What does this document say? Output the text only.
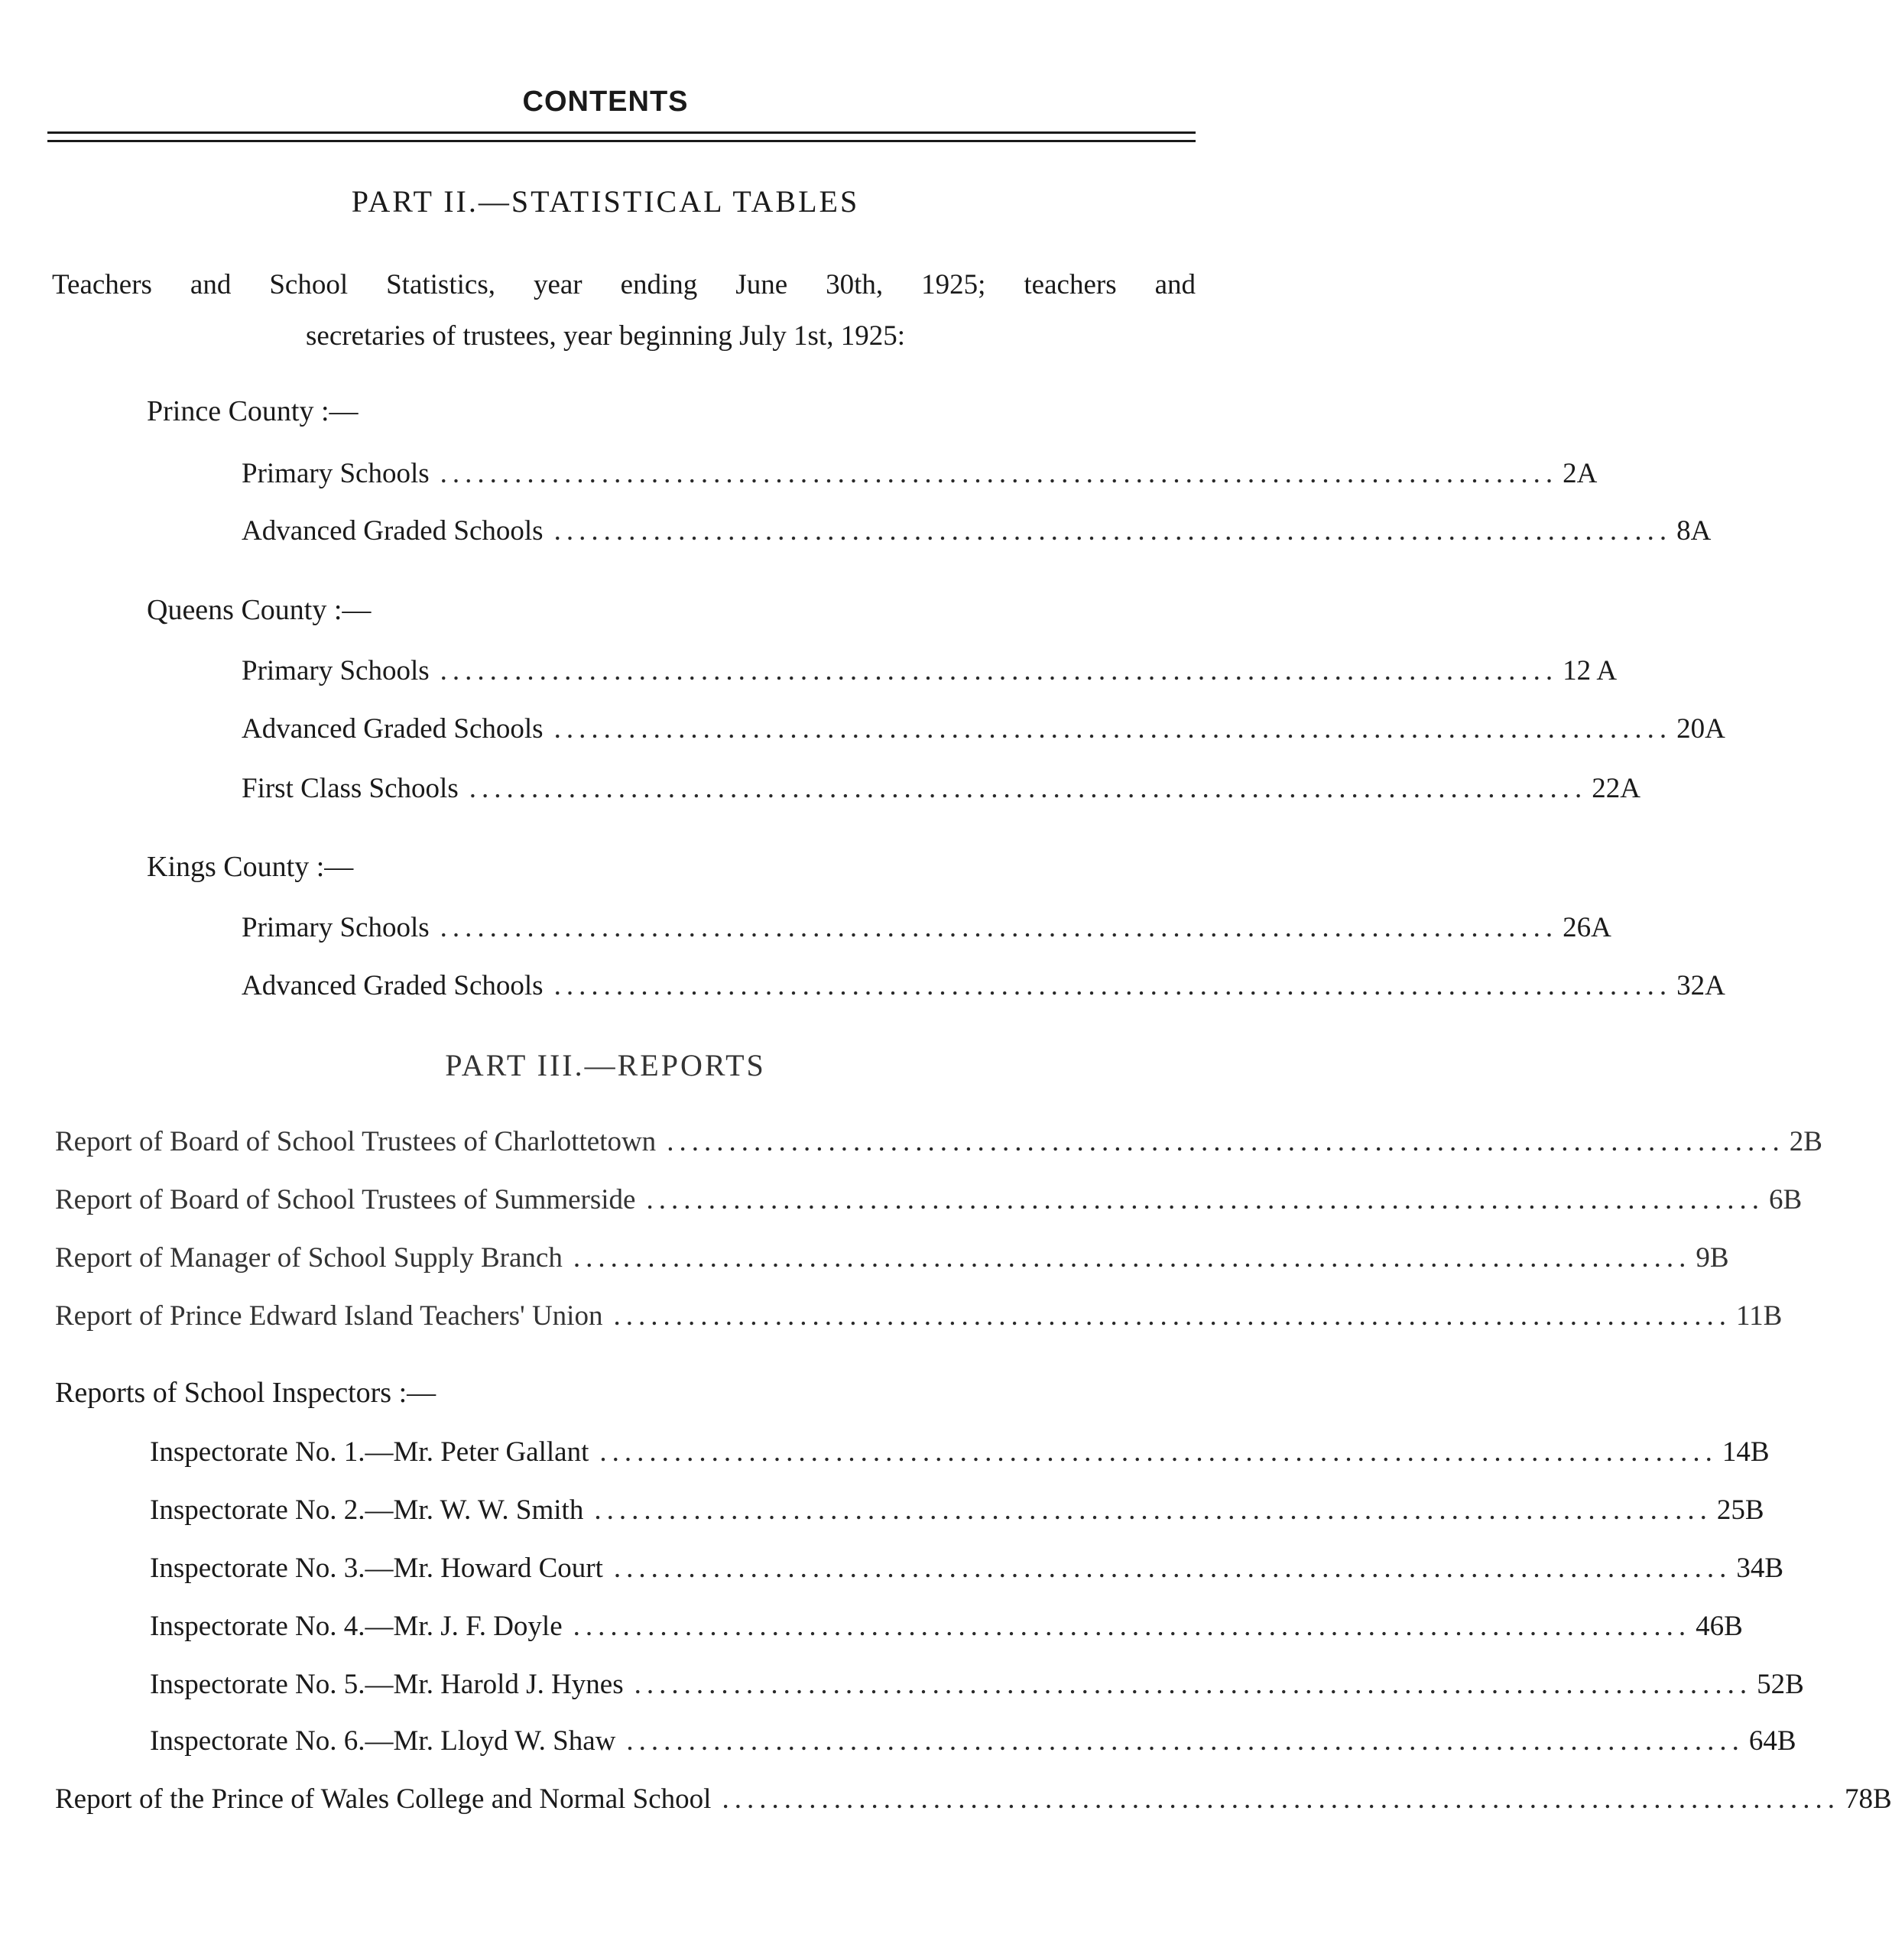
CONTENTS
PART II.—STATISTICAL TABLES
Teachers and School Statistics, year ending June 30th, 1925; teachers and
secretaries of trustees, year beginning July 1st, 1925:
Prince County :—
Primary Schools .......................................................................................... 2A
Advanced Graded Schools .......................................................................................... 8A
Queens County :—
Primary Schools .......................................................................................... 12 A
Advanced Graded Schools .......................................................................................... 20A
First Class Schools .......................................................................................... 22A
Kings County :—
Primary Schools .......................................................................................... 26A
Advanced Graded Schools .......................................................................................... 32A
PART III.—REPORTS
Report of Board of School Trustees of Charlottetown .......................................................................................... 2B
Report of Board of School Trustees of Summerside .......................................................................................... 6B
Report of Manager of School Supply Branch .......................................................................................... 9B
Report of Prince Edward Island Teachers' Union .......................................................................................... 11B
Reports of School Inspectors :—
Inspectorate No. 1.—Mr. Peter Gallant .......................................................................................... 14B
Inspectorate No. 2.—Mr. W. W. Smith .......................................................................................... 25B
Inspectorate No. 3.—Mr. Howard Court .......................................................................................... 34B
Inspectorate No. 4.—Mr. J. F. Doyle .......................................................................................... 46B
Inspectorate No. 5.—Mr. Harold J. Hynes .......................................................................................... 52B
Inspectorate No. 6.—Mr. Lloyd W. Shaw .......................................................................................... 64B
Report of the Prince of Wales College and Normal School .......................................................................................... 78B
